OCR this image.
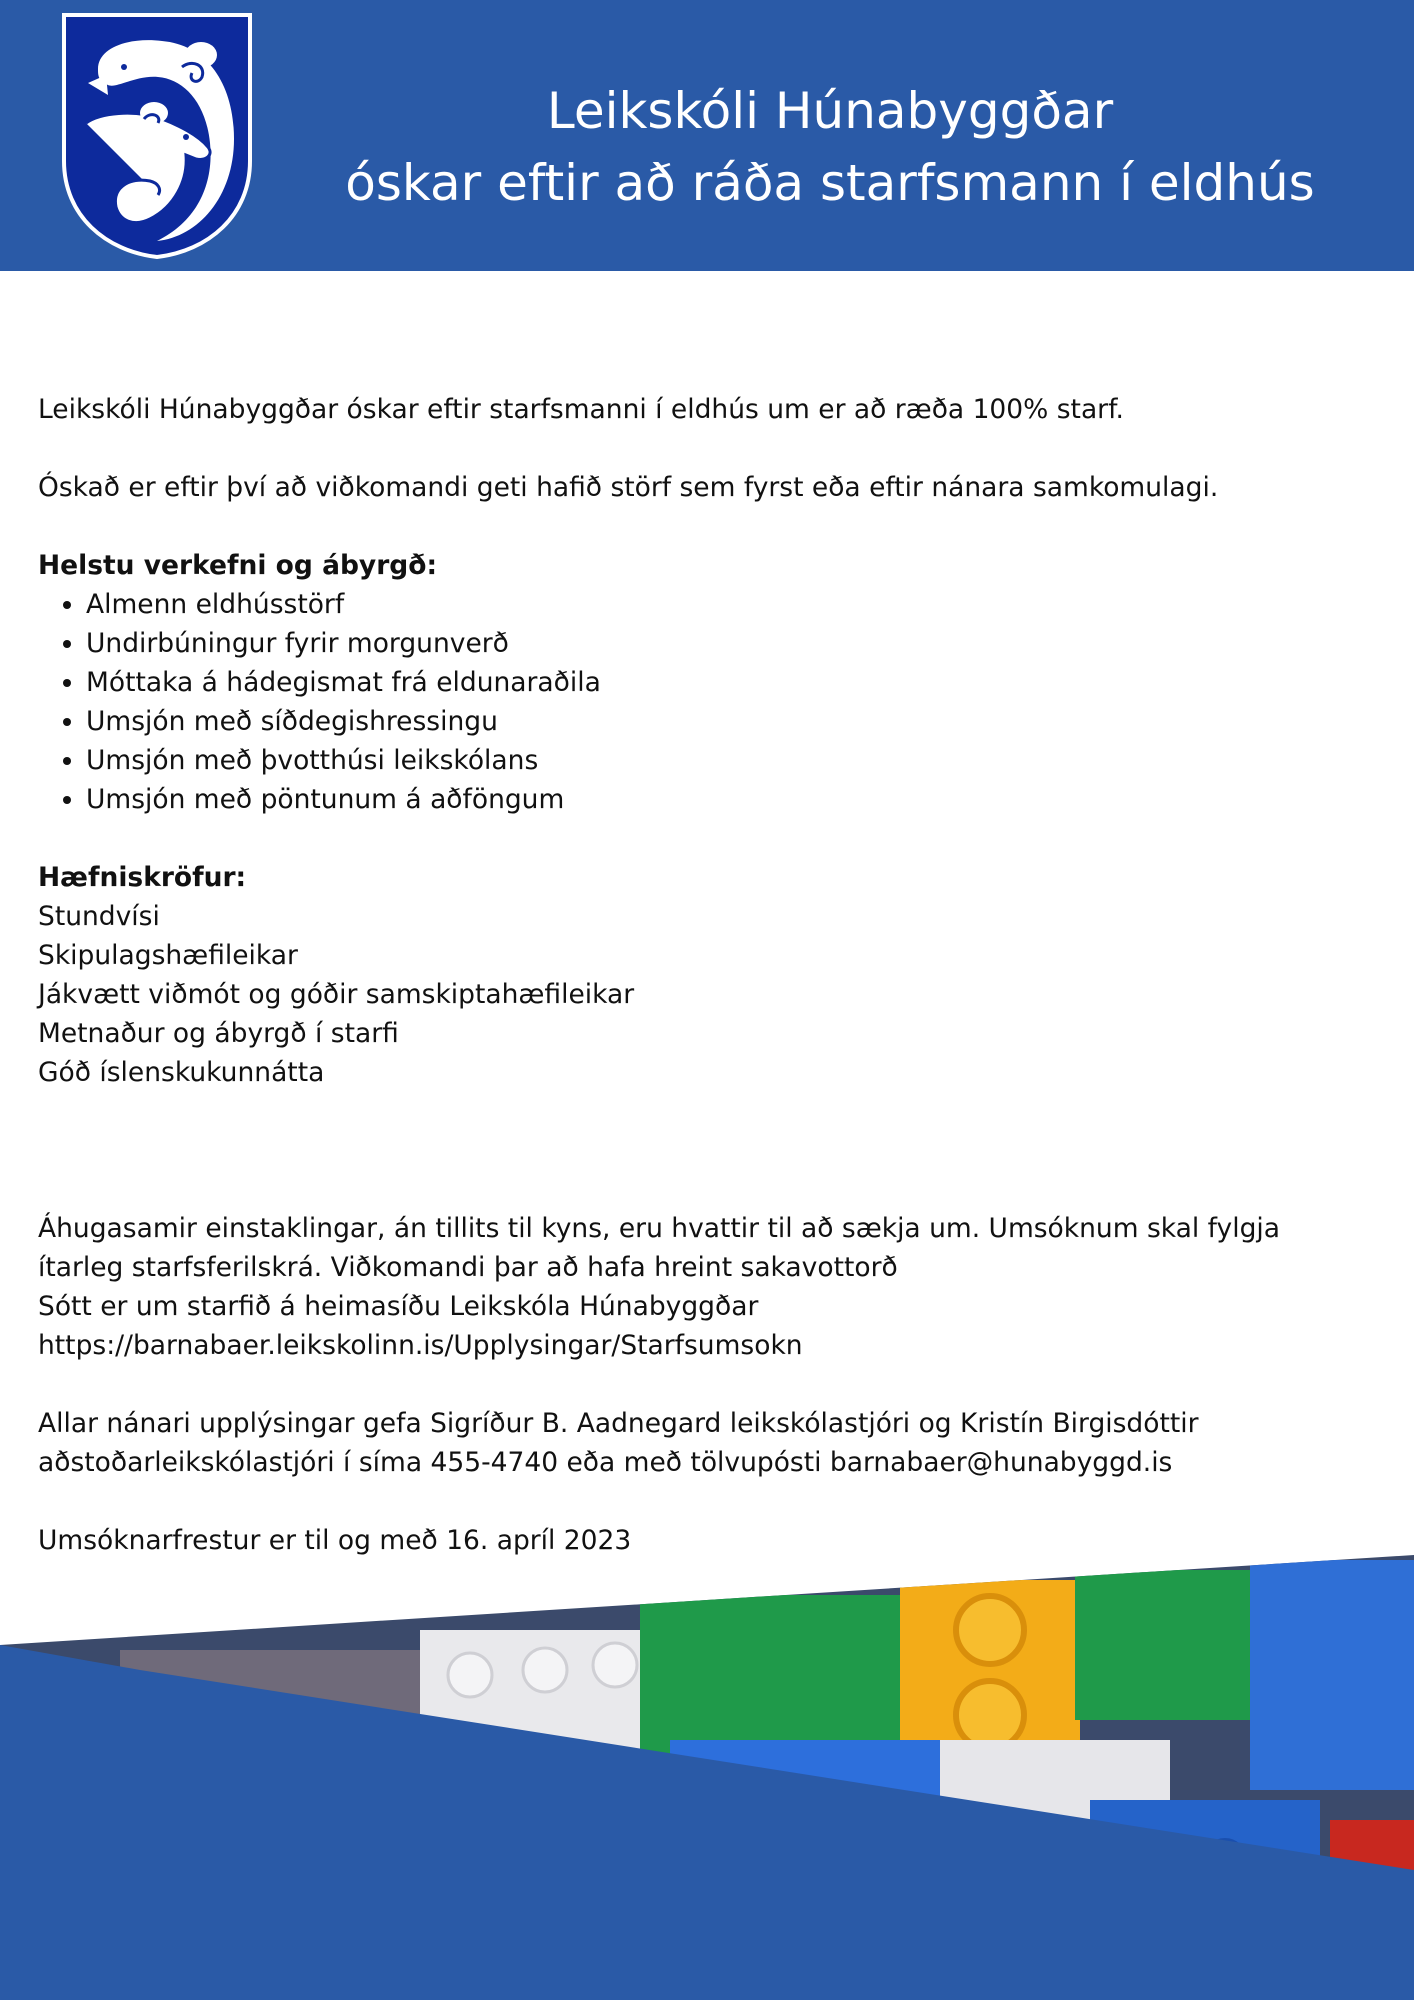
Leikskóli Húnabyggðar
óskar eftir að ráða starfsmann í eldhús

Leikskóli Húnabyggðar óskar eftir starfsmanni í eldhús um er að ræða 100% starf.

Óskað er eftir því að viðkomandi geti hafið störf sem fyrst eða eftir nánara samkomulagi.

Helstu verkefni og ábyrgð:

• Almenn eldhússtörf
• Undirbúningur fyrir morgunverð
• Móttaka á hádegismat frá eldunaraðila
• Umsjón með síðdegishressingu
• Umsjón með þvotthúsi leikskólans
• Umsjón með pöntunum á aðföngum

Hæfniskröfur:

Stundvísi

Skipulagshæfileikar

Jákvætt viðmót og góðir samskiptahæfileikar

Metnaður og ábyrgð í starfi

Góð íslenskukunnátta

Áhugasamir einstaklingar, án tillits til kyns, eru hvattir til að sækja um. Umsóknum skal fylgja

ítarleg starfsferilskrá. Viðkomandi þar að hafa hreint sakavottorð

Sótt er um starfið á heimasíðu Leikskóla Húnabyggðar

https://barnabaer.leikskolinn.is/Upplysingar/Starfsumsokn

Allar nánari upplýsingar gefa Sigríður B. Aadnegard leikskólastjóri og Kristín Birgisdóttir

aðstoðarleikskólastjóri í síma 455-4740 eða með tölvupósti barnabaer@hunabyggd.is

Umsóknarfrestur er til og með 16. apríl 2023
